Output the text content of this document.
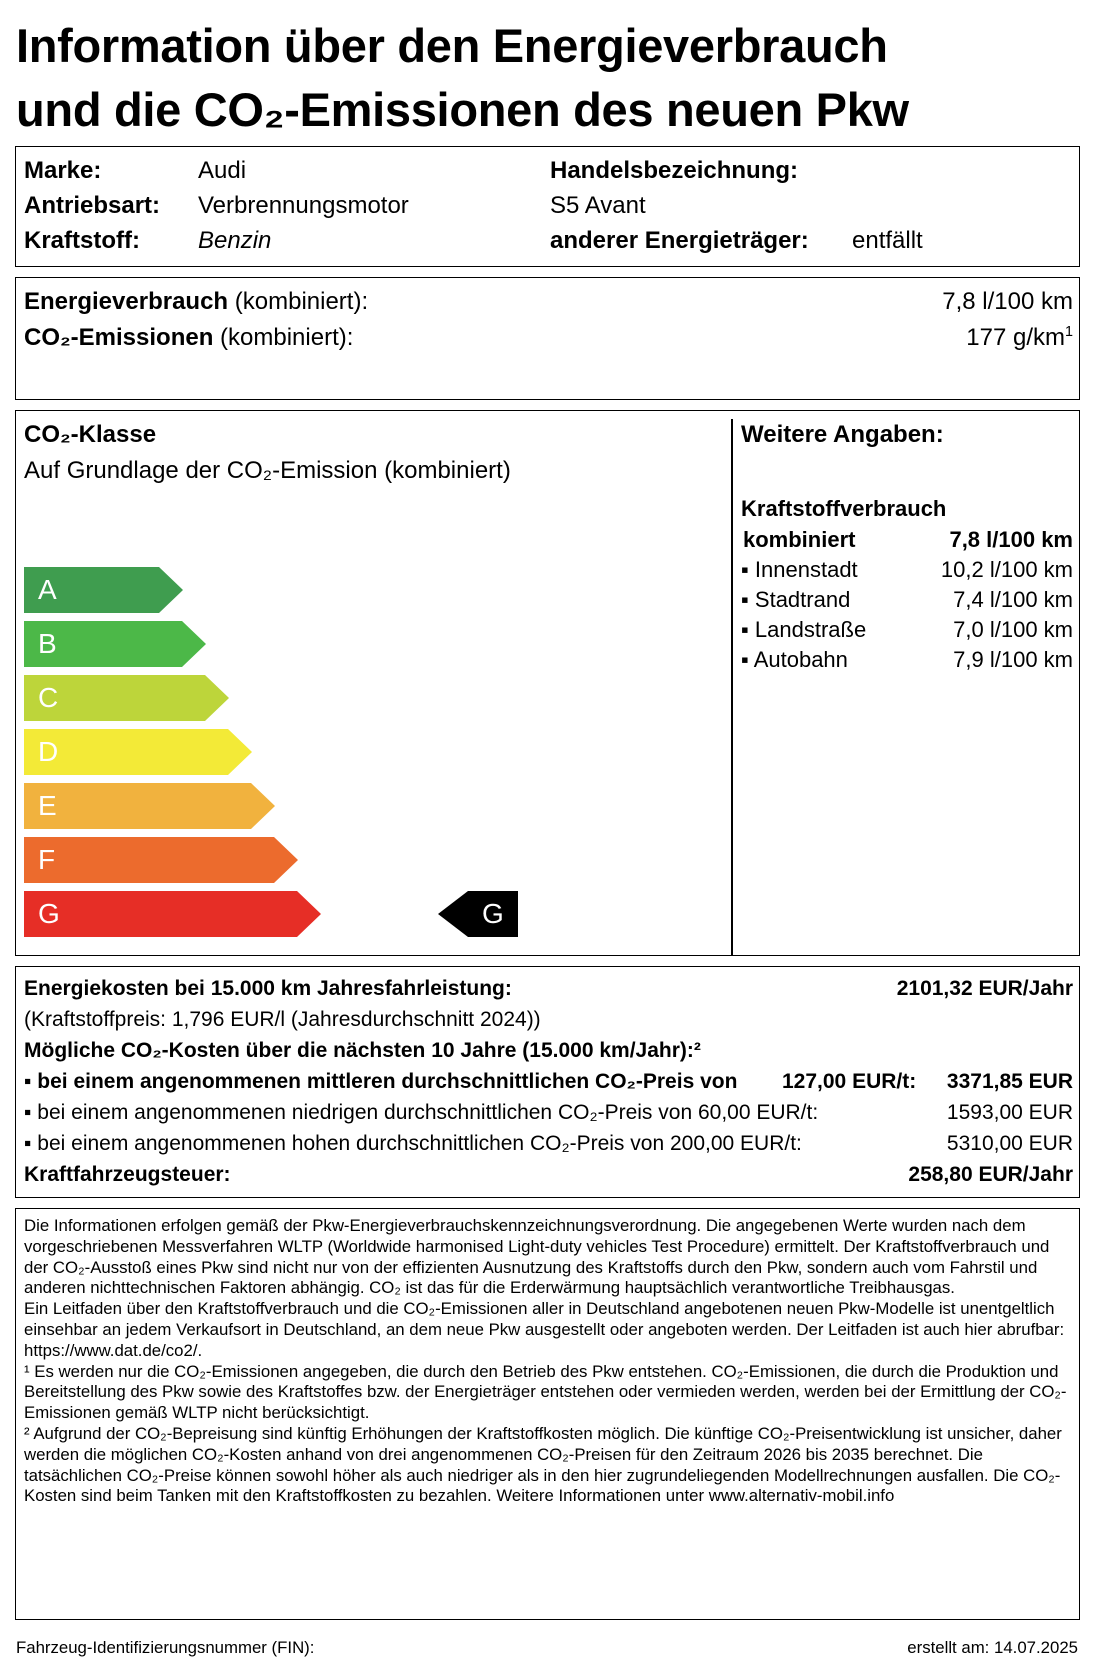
Information über den Energieverbrauch
und die CO₂-Emissionen des neuen Pkw
Marke:	Audi
Antriebsart: Verbrennungsmotor
Kraftstoff: Benzin
Handelsbezeichnung:
S5 Avant
anderer Energieträger: entfällt
Energieverbrauch (kombiniert):	7,8 l/100 km
CO₂-Emissionen (kombiniert):	177 $g/km^1$
CO₂-Klasse
Auf Grundlage der CO₂-Emission (kombiniert)
A
B
C
D
E
F
G	G
Weitere Angaben:
Kraftstoffverbrauch
kombiniert	7,8 l/100 km
▪ Innenstadt	10,2 l/100 km
▪ Stadtrand	7,4 l/100 km
▪ Landstraße	7,0 l/100 km
▪ Autobahn	7,9 l/100 km
Energiekosten bei 15.000 km Jahresfahrleistung:	2101,32 EUR/Jahr
(Kraftstoffpreis: 1,796 EUR/l (Jahresdurchschnitt 2024))
Mögliche CO₂-Kosten über die nächsten 10 Jahre (15.000 km/Jahr):²
▪ bei einem angenommenen mittleren durchschnittlichen CO₂-Preis von 127,00 EUR/t: 3371,85 EUR
▪ bei einem angenommenen niedrigen durchschnittlichen CO₂-Preis von 60,00 EUR/t:	1593,00 EUR
▪ bei einem angenommenen hohen durchschnittlichen CO₂-Preis von 200,00 EUR/t:	5310,00 EUR
Kraftfahrzeugsteuer:	258,80 EUR/Jahr

Die Informationen erfolgen gemäß der Pkw-Energieverbrauchskennzeichnungsverordnung. Die angegebenen Werte wurden nach dem vorgeschriebenen Messverfahren WLTP (Worldwide harmonised Light-duty vehicles Test Procedure) ermittelt. Der Kraftstoffverbrauch und der CO₂-Ausstoß eines Pkw sind nicht nur von der effizienten Ausnutzung des Kraftstoffs durch den Pkw, sondern auch vom Fahrstil und anderen nichttechnischen Faktoren abhängig. CO₂ ist das für die Erderwärmung hauptsächlich verantwortliche Treibhausgas.

Ein Leitfaden über den Kraftstoffverbrauch und die CO₂-Emissionen aller in Deutschland angebotenen neuen Pkw-Modelle ist unentgeltlich einsehbar an jedem Verkaufsort in Deutschland, an dem neue Pkw ausgestellt oder angeboten werden. Der Leitfaden ist auch hier abrufbar: https://www.dat.de/co2/.

¹ Es werden nur die CO₂-Emissionen angegeben, die durch den Betrieb des Pkw entstehen. CO₂-Emissionen, die durch die Produktion und Bereitstellung des Pkw sowie des Kraftstoffes bzw. der Energieträger entstehen oder vermieden werden, werden bei der Ermittlung der CO₂-Emissionen gemäß WLTP nicht berücksichtigt.

² Aufgrund der CO₂-Bepreisung sind künftig Erhöhungen der Kraftstoffkosten möglich. Die künftige CO₂-Preisentwicklung ist unsicher, daher werden die möglichen CO₂-Kosten anhand von drei angenommenen CO₂-Preisen für den Zeitraum 2026 bis 2035 berechnet. Die tatsächlichen CO₂-Preise können sowohl höher als auch niedriger als in den hier zugrundeliegenden Modellrechnungen ausfallen. Die CO₂-Kosten sind beim Tanken mit den Kraftstoffkosten zu bezahlen. Weitere Informationen unter www.alternativ-mobil.info

Fahrzeug-Identifizierungsnummer (FIN):	erstellt am: 14.07.2025
